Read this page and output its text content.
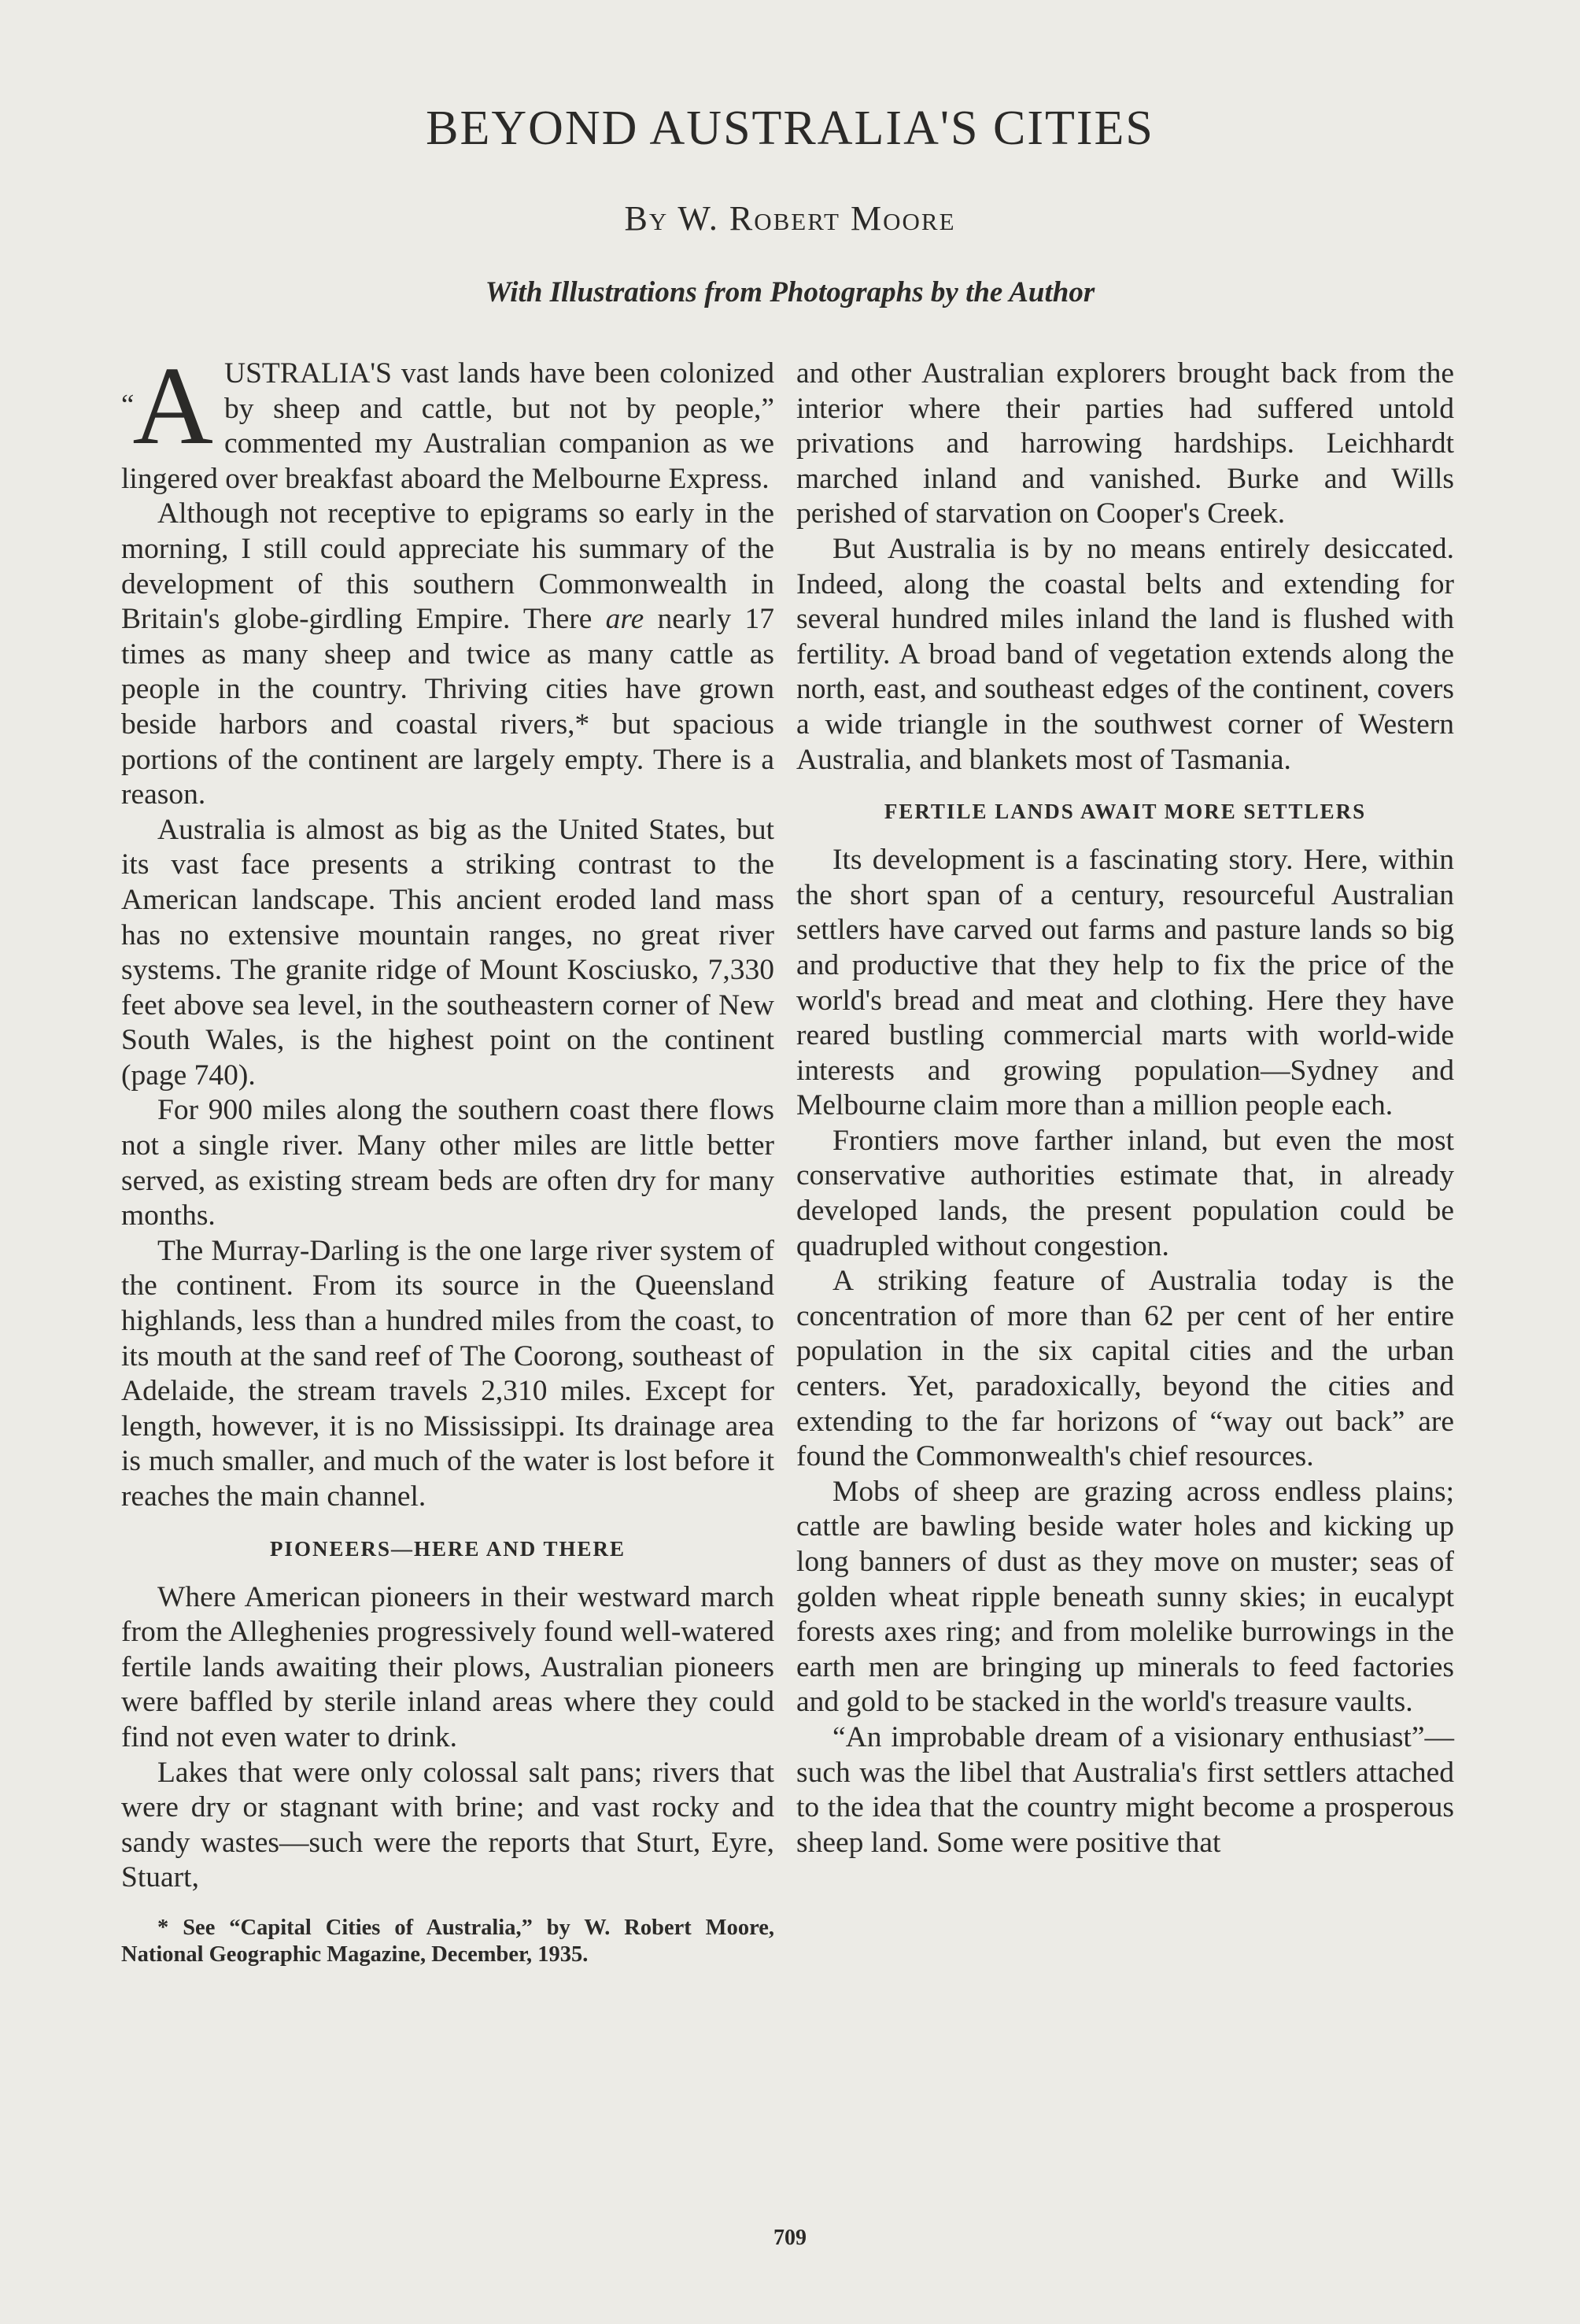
BEYOND AUSTRALIA'S CITIES
By W. Robert Moore
With Illustrations from Photographs by the Author

“A USTRALIA'S vast lands have been colonized by sheep and cattle, but not by people,” commented my Australian companion as we lingered over breakfast aboard the Melbourne Express.

Although not receptive to epigrams so early in the morning, I still could appreciate his summary of the development of this southern Commonwealth in Britain's globe-girdling Empire. There are nearly 17 times as many sheep and twice as many cattle as people in the country. Thriving cities have grown beside harbors and coastal rivers,* but spacious portions of the continent are largely empty. There is a reason.

Australia is almost as big as the United States, but its vast face presents a striking contrast to the American landscape. This ancient eroded land mass has no extensive mountain ranges, no great river systems. The granite ridge of Mount Kosciusko, 7,330 feet above sea level, in the southeastern corner of New South Wales, is the highest point on the continent (page 740).

For 900 miles along the southern coast there flows not a single river. Many other miles are little better served, as existing stream beds are often dry for many months.

The Murray-Darling is the one large river system of the continent. From its source in the Queensland highlands, less than a hundred miles from the coast, to its mouth at the sand reef of The Coorong, southeast of Adelaide, the stream travels 2,310 miles. Except for length, however, it is no Mississippi. Its drainage area is much smaller, and much of the water is lost before it reaches the main channel.

PIONEERS—HERE AND THERE

Where American pioneers in their westward march from the Alleghenies progressively found well-watered fertile lands awaiting their plows, Australian pioneers were baffled by sterile inland areas where they could find not even water to drink.

Lakes that were only colossal salt pans; rivers that were dry or stagnant with brine; and vast rocky and sandy wastes—such were the reports that Sturt, Eyre, Stuart,

* See “Capital Cities of Australia,” by W. Robert Moore, National Geographic Magazine, December, 1935.

and other Australian explorers brought back from the interior where their parties had suffered untold privations and harrowing hardships. Leichhardt marched inland and vanished. Burke and Wills perished of starvation on Cooper's Creek.

But Australia is by no means entirely desiccated. Indeed, along the coastal belts and extending for several hundred miles inland the land is flushed with fertility. A broad band of vegetation extends along the north, east, and southeast edges of the continent, covers a wide triangle in the southwest corner of Western Australia, and blankets most of Tasmania.

FERTILE LANDS AWAIT MORE SETTLERS

Its development is a fascinating story. Here, within the short span of a century, resourceful Australian settlers have carved out farms and pasture lands so big and productive that they help to fix the price of the world's bread and meat and clothing. Here they have reared bustling commercial marts with world-wide interests and growing population—Sydney and Melbourne claim more than a million people each.

Frontiers move farther inland, but even the most conservative authorities estimate that, in already developed lands, the present population could be quadrupled without congestion.

A striking feature of Australia today is the concentration of more than 62 per cent of her entire population in the six capital cities and the urban centers. Yet, paradoxically, beyond the cities and extending to the far horizons of “way out back” are found the Commonwealth's chief resources.

Mobs of sheep are grazing across endless plains; cattle are bawling beside water holes and kicking up long banners of dust as they move on muster; seas of golden wheat ripple beneath sunny skies; in eucalypt forests axes ring; and from molelike burrowings in the earth men are bringing up minerals to feed factories and gold to be stacked in the world's treasure vaults.

“An improbable dream of a visionary enthusiast”—such was the libel that Australia's first settlers attached to the idea that the country might become a prosperous sheep land. Some were positive that

709
